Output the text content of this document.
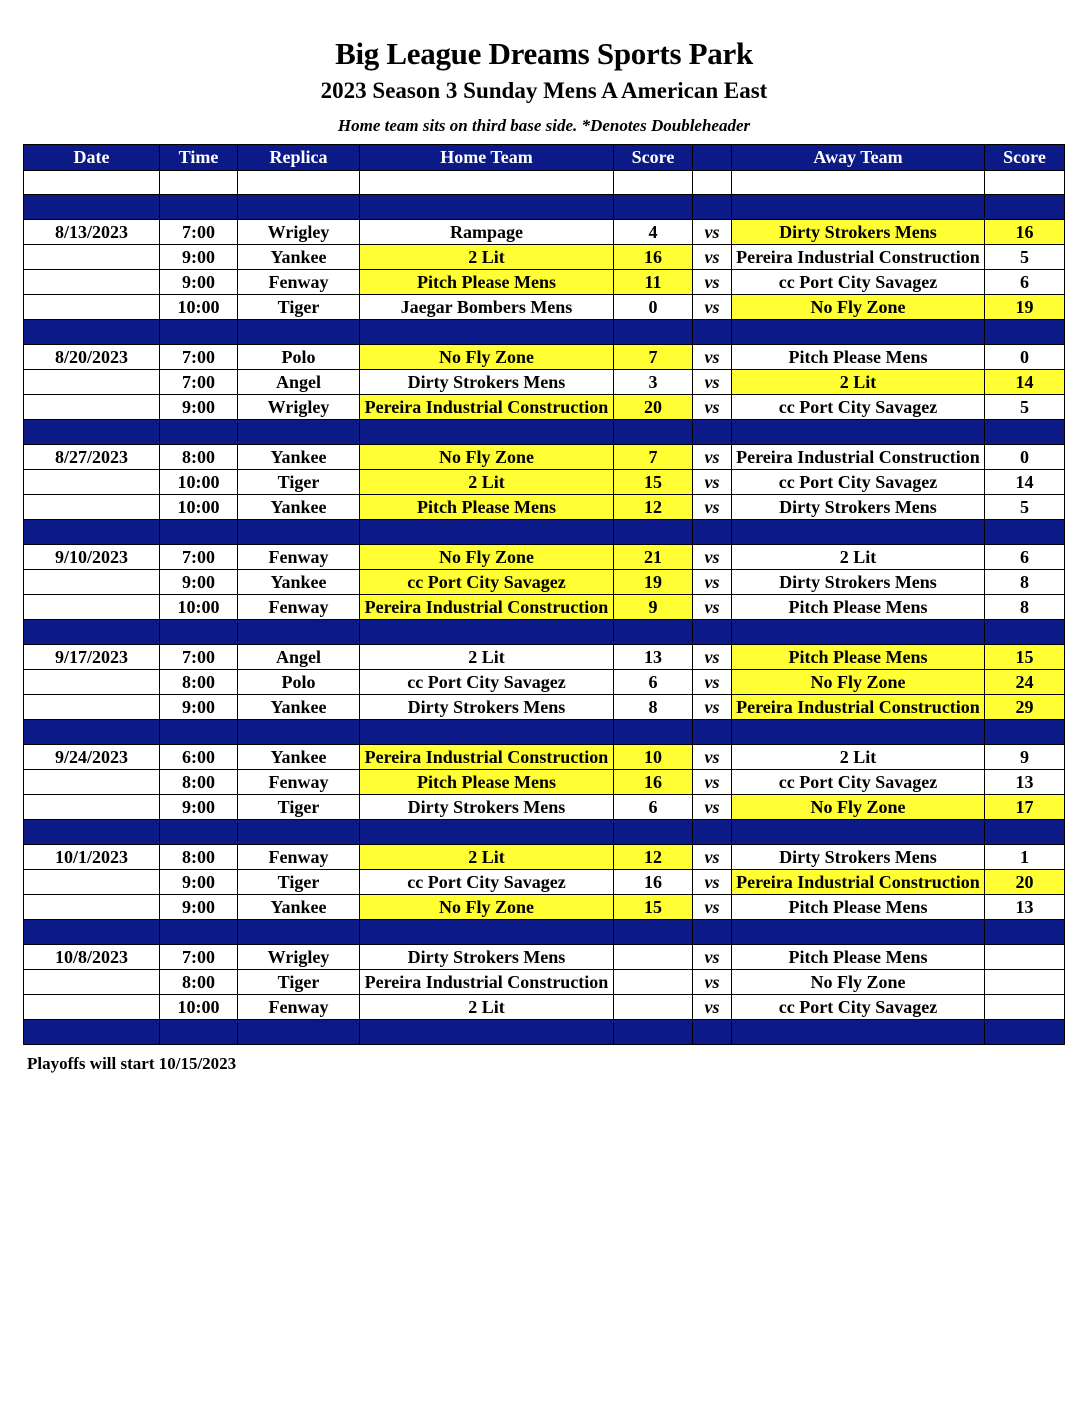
Big League Dreams Sports Park
2023 Season 3 Sunday Mens A American East
Home team sits on third base side. *Denotes Doubleheader
Date	Time	Replica	Home Team	Score		Away Team	Score

8/13/2023	7:00	Wrigley	Rampage	4	vs	Dirty Strokers Mens	16
	9:00	Yankee	2 Lit	16	vs	Pereira Industrial Construction	5
	9:00	Fenway	Pitch Please Mens	11	vs	cc Port City Savagez	6
	10:00	Tiger	Jaegar Bombers Mens	0	vs	No Fly Zone	19

8/20/2023	7:00	Polo	No Fly Zone	7	vs	Pitch Please Mens	0
	7:00	Angel	Dirty Strokers Mens	3	vs	2 Lit	14
	9:00	Wrigley	Pereira Industrial Construction	20	vs	cc Port City Savagez	5

8/27/2023	8:00	Yankee	No Fly Zone	7	vs	Pereira Industrial Construction	0
	10:00	Tiger	2 Lit	15	vs	cc Port City Savagez	14
	10:00	Yankee	Pitch Please Mens	12	vs	Dirty Strokers Mens	5

9/10/2023	7:00	Fenway	No Fly Zone	21	vs	2 Lit	6
	9:00	Yankee	cc Port City Savagez	19	vs	Dirty Strokers Mens	8
	10:00	Fenway	Pereira Industrial Construction	9	vs	Pitch Please Mens	8

9/17/2023	7:00	Angel	2 Lit	13	vs	Pitch Please Mens	15
	8:00	Polo	cc Port City Savagez	6	vs	No Fly Zone	24
	9:00	Yankee	Dirty Strokers Mens	8	vs	Pereira Industrial Construction	29

9/24/2023	6:00	Yankee	Pereira Industrial Construction	10	vs	2 Lit	9
	8:00	Fenway	Pitch Please Mens	16	vs	cc Port City Savagez	13
	9:00	Tiger	Dirty Strokers Mens	6	vs	No Fly Zone	17

10/1/2023	8:00	Fenway	2 Lit	12	vs	Dirty Strokers Mens	1
	9:00	Tiger	cc Port City Savagez	16	vs	Pereira Industrial Construction	20
	9:00	Yankee	No Fly Zone	15	vs	Pitch Please Mens	13

10/8/2023	7:00	Wrigley	Dirty Strokers Mens		vs	Pitch Please Mens	
	8:00	Tiger	Pereira Industrial Construction		vs	No Fly Zone	
	10:00	Fenway	2 Lit		vs	cc Port City Savagez	

Playoffs will start 10/15/2023
